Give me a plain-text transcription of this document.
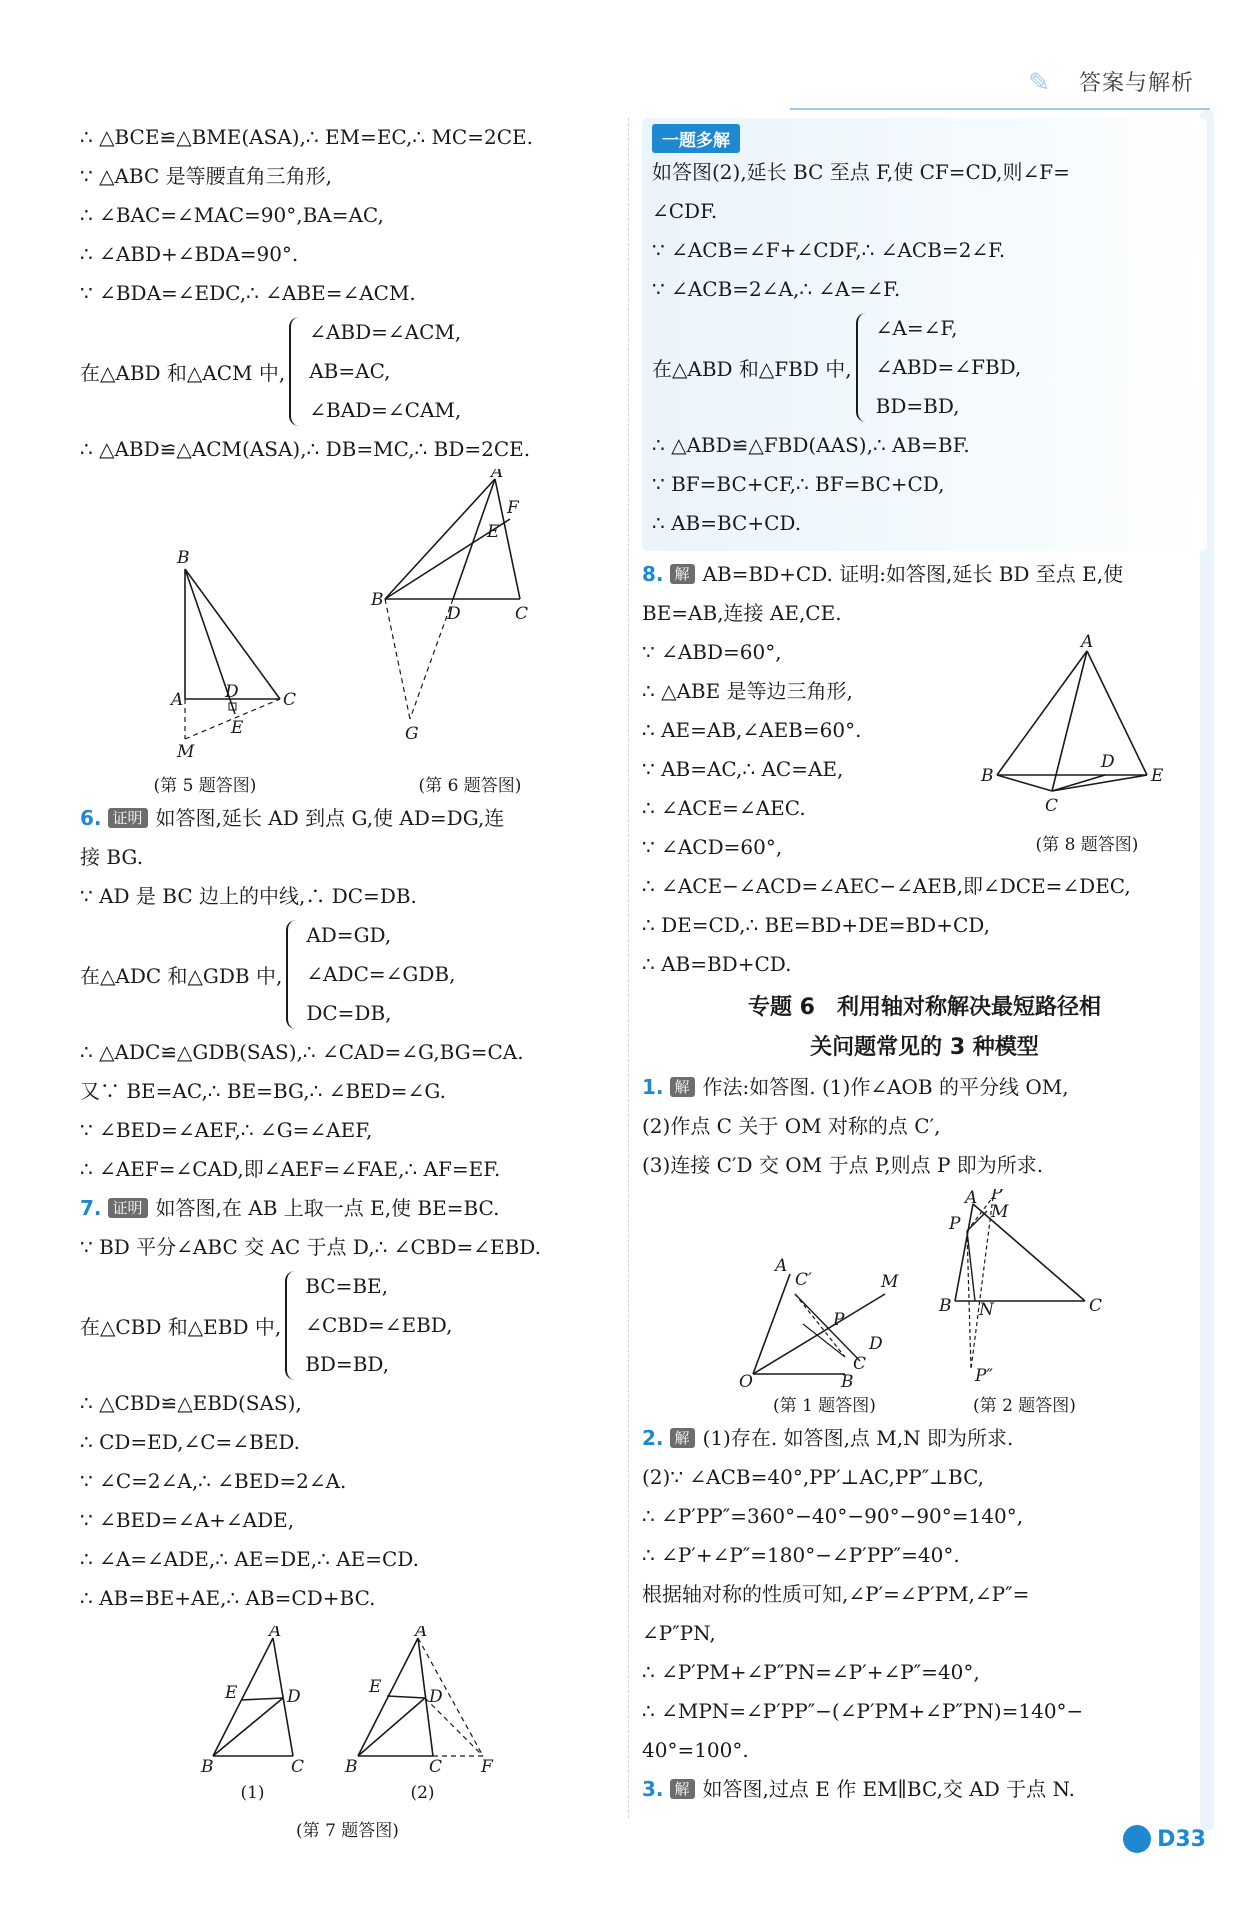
✎ 答案与解析
∴ △BCE≌△BME(ASA),∴ EM=EC,∴ MC=2CE.
∵ △ABC 是等腰直角三角形,
∴ ∠BAC=∠MAC=90°,BA=AC,
∴ ∠ABD+∠BDA=90°.
∵ ∠BDA=∠EDC,∴ ∠ABE=∠ACM.
在△ABD 和△ACM 中,
∠ABD=∠ACM,
AB=AC,
∠BAD=∠CAM,
∴ △ABD≌△ACM(ASA),∴ DB=MC,∴ BD=2CE.
B
A	C
D
E
M
(第 5 题答图)
A
F
E
B
D	C
G
(第 6 题答图)
6. 证明 如答图,延长 AD 到点 G,使 AD=DG,连
接 BG.
∵ AD 是 BC 边上的中线,∴ DC=DB.
在△ADC 和△GDB 中,
AD=GD,
∠ADC=∠GDB,
DC=DB,
∴ △ADC≌△GDB(SAS),∴ ∠CAD=∠G,BG=CA.
又∵ BE=AC,∴ BE=BG,∴ ∠BED=∠G.
∵ ∠BED=∠AEF,∴ ∠G=∠AEF,
∴ ∠AEF=∠CAD,即∠AEF=∠FAE,∴ AF=EF.
7. 证明 如答图,在 AB 上取一点 E,使 BE=BC.
∵ BD 平分∠ABC 交 AC 于点 D,∴ ∠CBD=∠EBD.
在△CBD 和△EBD 中,
BC=BE,
∠CBD=∠EBD,
BD=BD,
∴ △CBD≌△EBD(SAS),
∴ CD=ED,∠C=∠BED.
∵ ∠C=2∠A,∴ ∠BED=2∠A.
∵ ∠BED=∠A+∠ADE,
∴ ∠A=∠ADE,∴ AE=DE,∴ AE=CD.
∴ AB=BE+AE,∴ AB=CD+BC.
A
E	D
B	C
(1)
A
E	D
B	C F
(2)
(第 7 题答图)
一题多解
如答图(2),延长 BC 至点 F,使 CF=CD,则∠F=
∠CDF.
∵ ∠ACB=∠F+∠CDF,∴ ∠ACB=2∠F.
∵ ∠ACB=2∠A,∴ ∠A=∠F.
在△ABD 和△FBD 中,
∠A=∠F,
∠ABD=∠FBD,
BD=BD,
∴ △ABD≌△FBD(AAS),∴ AB=BF.
∵ BF=BC+CF,∴ BF=BC+CD,
∴ AB=BC+CD.
8. 解 AB=BD+CD. 证明:如答图,延长 BD 至点 E,使
BE=AB,连接 AE,CE.
∵ ∠ABD=60°,
∴ △ABE 是等边三角形,
∴ AE=AB,∠AEB=60°.
∵ AB=AC,∴ AC=AE,
∴ ∠ACE=∠AEC.
∵ ∠ACD=60°,
A
B
D
E
C
(第 8 题答图)
∴ ∠ACE−∠ACD=∠AEC−∠AEB,即∠DCE=∠DEC,
∴ DE=CD,∴ BE=BD+DE=BD+CD,
∴ AB=BD+CD.
专题 6　利用轴对称解决最短路径相
关问题常见的 3 种模型
1. 解 作法:如答图. (1)作∠AOB 的平分线 OM,
(2)作点 C 关于 OM 对称的点 C′,
(3)连接 C′D 交 OM 于点 P,则点 P 即为所求.
A
C′	M
P
D
C
O	B
(第 1 题答图)
A P′
M
P
B N	C
P″
(第 2 题答图)
2. 解 (1)存在. 如答图,点 M,N 即为所求.
(2)∵ ∠ACB=40°,PP′⊥AC,PP″⊥BC,
∴ ∠P′PP″=360°−40°−90°−90°=140°,
∴ ∠P′+∠P″=180°−∠P′PP″=40°.
根据轴对称的性质可知,∠P′=∠P′PM,∠P″=
∠P″PN,
∴ ∠P′PM+∠P″PN=∠P′+∠P″=40°,
∴ ∠MPN=∠P′PP″−(∠P′PM+∠P″PN)=140°−
40°=100°.
3. 解 如答图,过点 E 作 EM∥BC,交 AD 于点 N.
D33
